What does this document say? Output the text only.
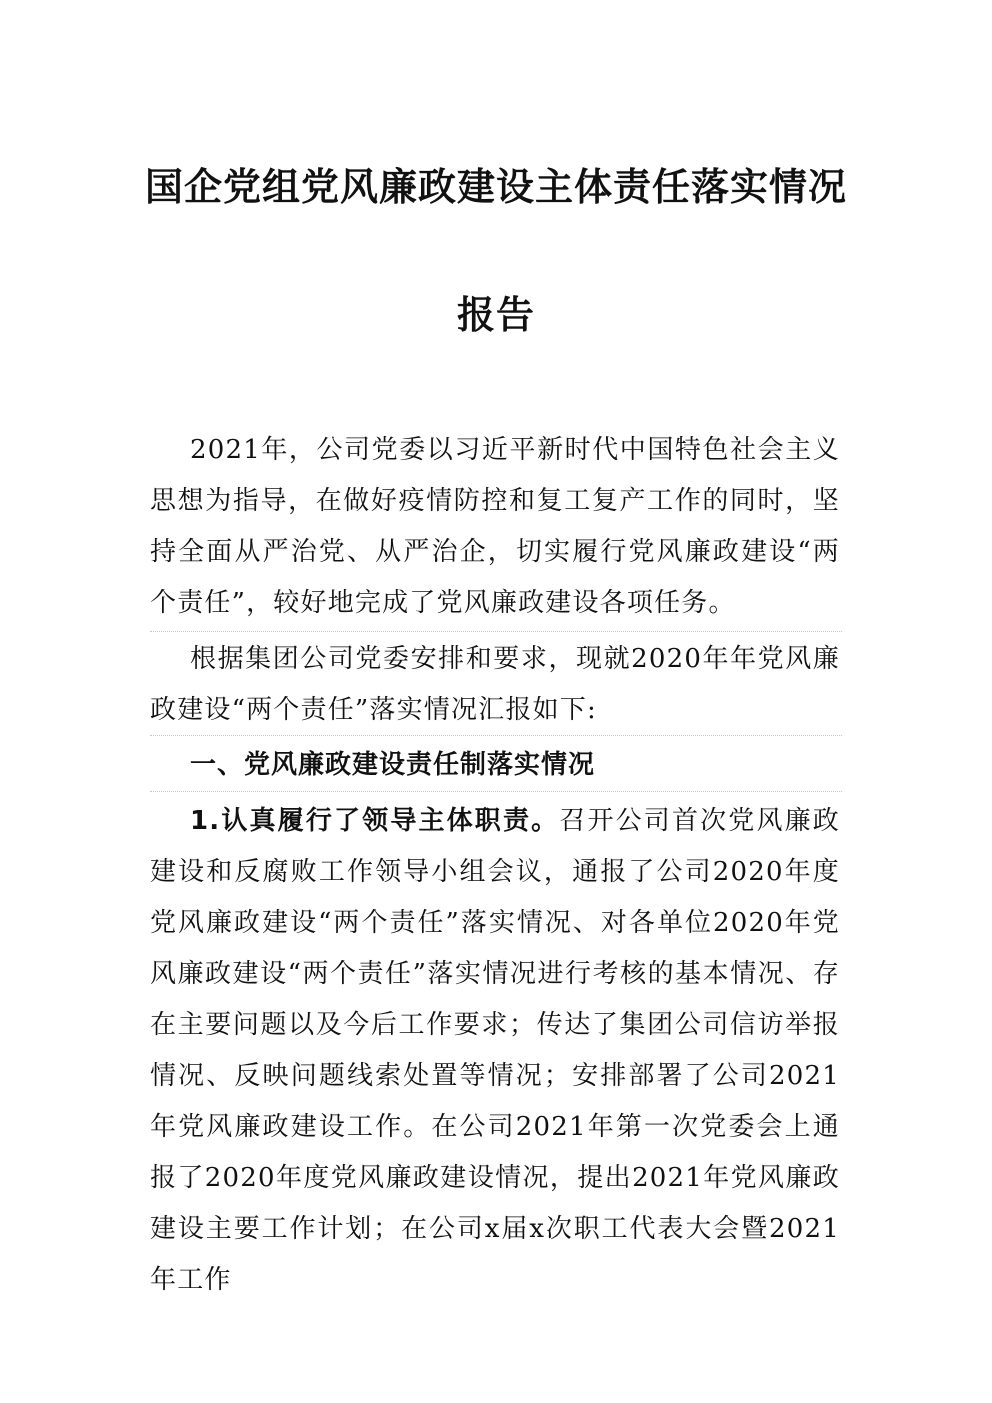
国企党组党风廉政建设主体责任落实情况
报告

2021年，公司党委以习近平新时代中国特色社会主义思想为指导，在做好疫情防控和复工复产工作的同时，坚持全面从严治党、从严治企，切实履行党风廉政建设“两个责任”，较好地完成了党风廉政建设各项任务。

根据集团公司党委安排和要求，现就2020年年党风廉政建设“两个责任”落实情况汇报如下:

一、党风廉政建设责任制落实情况

1.认真履行了领导主体职责。召开公司首次党风廉政建设和反腐败工作领导小组会议，通报了公司2020年度党风廉政建设“两个责任”落实情况、对各单位2020年党风廉政建设“两个责任”落实情况进行考核的基本情况、存在主要问题以及今后工作要求；传达了集团公司信访举报情况、反映问题线索处置等情况；安排部署了公司2021年党风廉政建设工作。在公司2021年第一次党委会上通报了2020年度党风廉政建设情况，提出2021年党风廉政建设主要工作计划；在公司x届x次职工代表大会暨2021年工作
